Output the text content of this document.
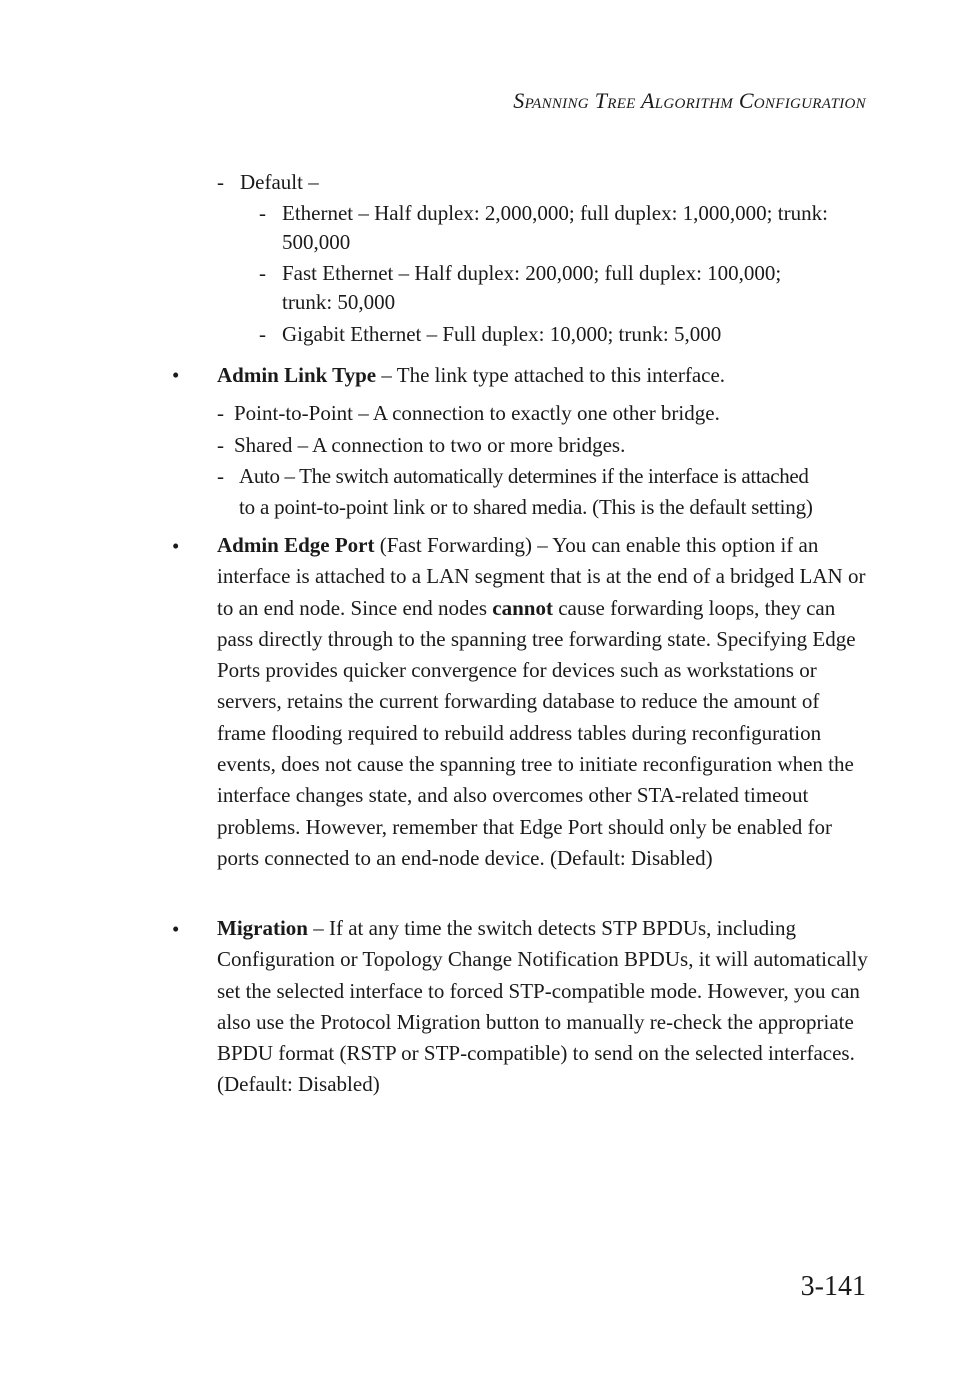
Spanning Tree Algorithm Configuration
- Default –
- Ethernet – Half duplex: 2,000,000; full duplex: 1,000,000; trunk:
500,000
- Fast Ethernet – Half duplex: 200,000; full duplex: 100,000;
trunk: 50,000
- Gigabit Ethernet – Full duplex: 10,000; trunk: 5,000
• Admin Link Type – The link type attached to this interface.
- Point-to-Point – A connection to exactly one other bridge.
- Shared – A connection to two or more bridges.
- Auto – The switch automatically determines if the interface is attached
to a point-to-point link or to shared media. (This is the default setting)
• Admin Edge Port (Fast Forwarding) – You can enable this option if an interface is attached to a LAN segment that is at the end of a bridged LAN or to an end node. Since end nodes cannot cause forwarding loops, they can pass directly through to the spanning tree forwarding state. Specifying Edge Ports provides quicker convergence for devices such as workstations or servers, retains the current forwarding database to reduce the amount of frame flooding required to rebuild address tables during reconfiguration events, does not cause the spanning tree to initiate reconfiguration when the interface changes state, and also overcomes other STA-related timeout problems. However, remember that Edge Port should only be enabled for ports connected to an end-node device. (Default: Disabled)
• Migration – If at any time the switch detects STP BPDUs, including Configuration or Topology Change Notification BPDUs, it will automatically set the selected interface to forced STP-compatible mode. However, you can also use the Protocol Migration button to manually re-check the appropriate BPDU format (RSTP or STP-compatible) to send on the selected interfaces.
(Default: Disabled)
3-141
